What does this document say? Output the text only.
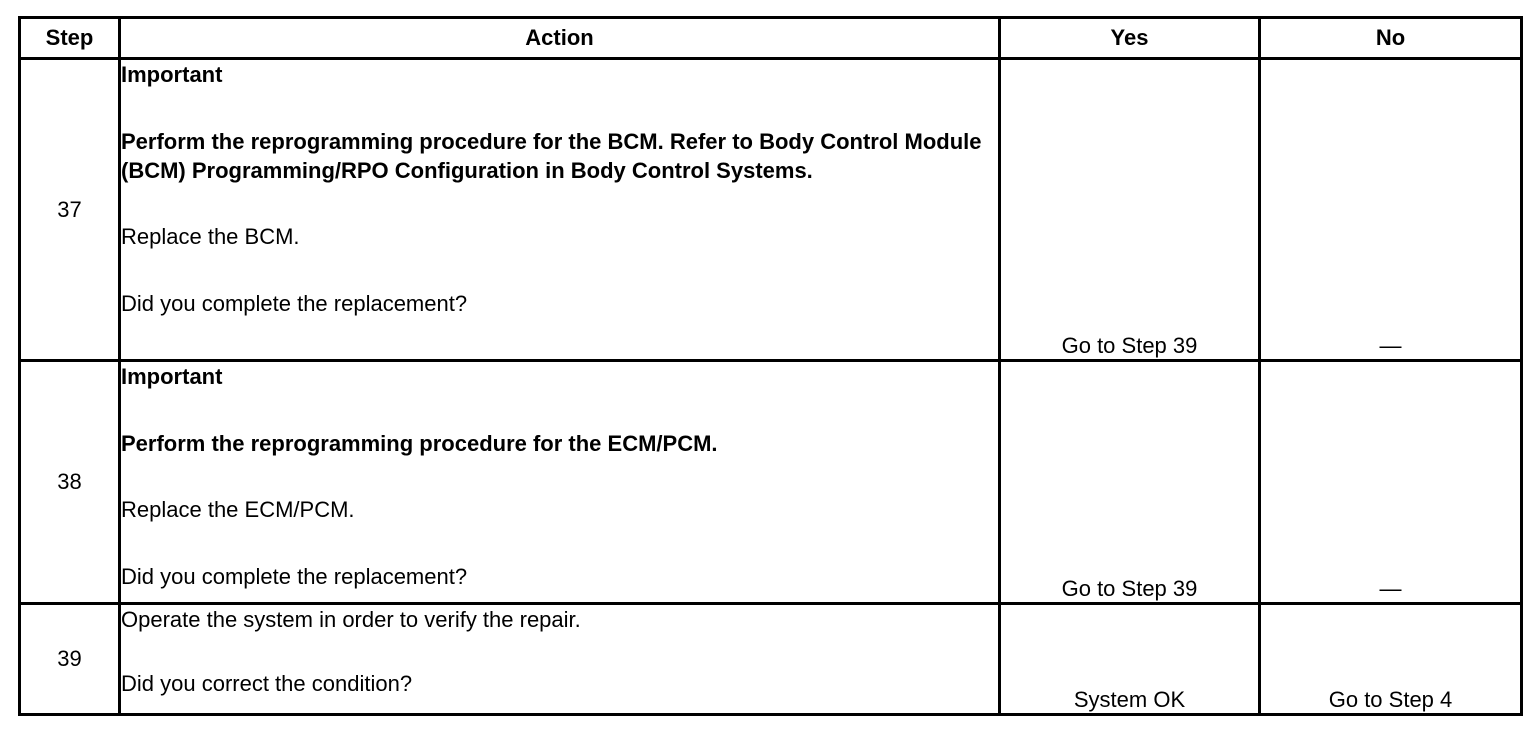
Step	Action	Yes	No
37	Important

Perform the reprogramming procedure for the BCM. Refer to Body Control Module (BCM) Programming/RPO Configuration in Body Control Systems.

Replace the BCM.

Did you complete the replacement?	Go to Step 39	—
38	Important

Perform the reprogramming procedure for the ECM/PCM.

Replace the ECM/PCM.

Did you complete the replacement?	Go to Step 39	—
39	Operate the system in order to verify the repair.

Did you correct the condition?	System OK	Go to Step 4
